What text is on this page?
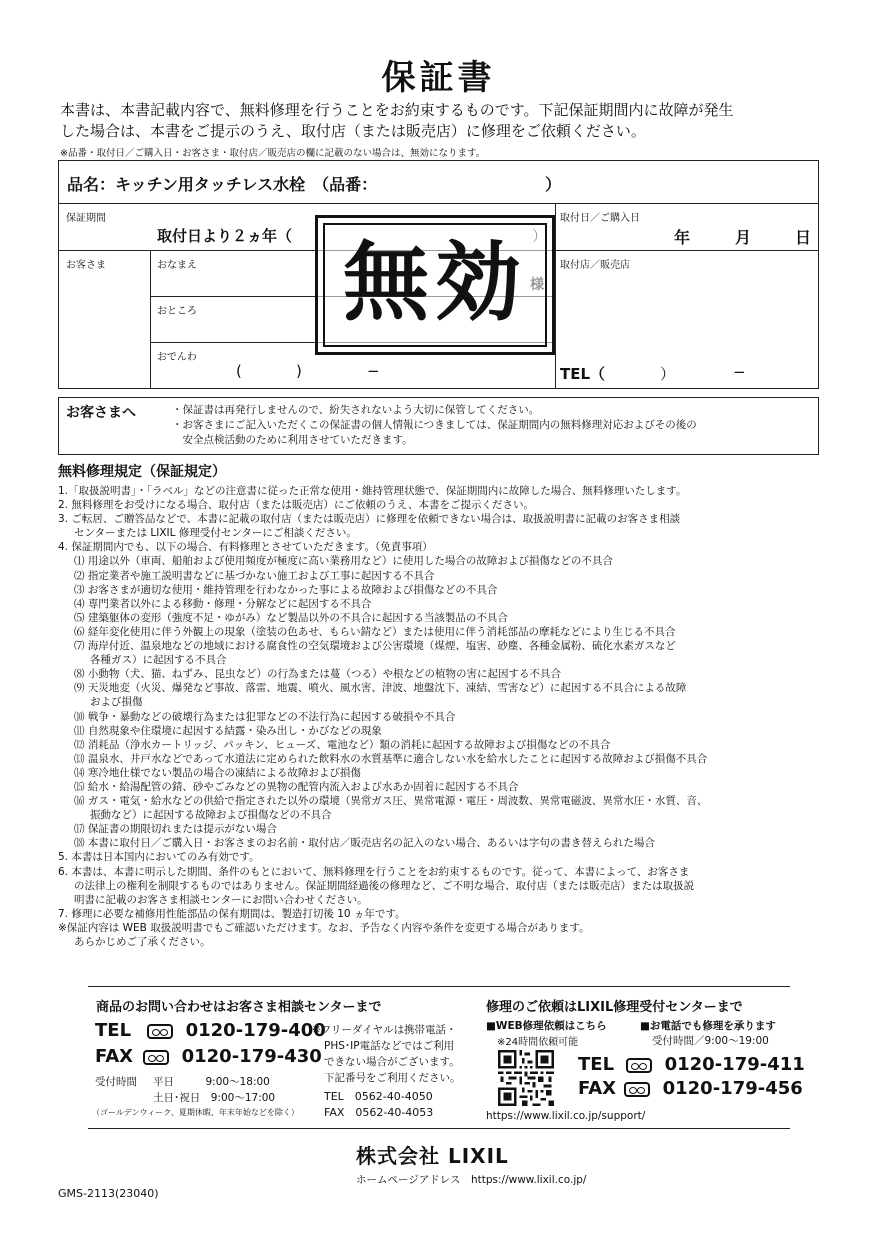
保証書
本書は、本書記載内容で、無料修理を行うことをお約束するものです。下記保証期間内に故障が発生
した場合は、本書をご提示のうえ、取付店（または販売店）に修理をご依頼ください。
※品番・取付日／ご購入日・お客さま・取付店／販売店の欄に記載のない場合は、無効になります。
品名：キッチン用タッチレス水栓　（品番：　　　　　　　　　　　）
保証期間
取付日より２ヵ年（
取付日／ご購入日
年	月	日
お客さま	おなまえ
おところ
おでんわ
(	)	−
取付店／販売店
TEL（	）	−
無効
お客さまへ	・保証書は再発行しませんので、紛失されないよう大切に保管してください。
・お客さまにご記入いただくこの保証書の個人情報につきましては、保証期間内の無料修理対応およびその後の
　安全点検活動のために利用させていただきます。
無料修理規定（保証規定）
1.「取扱説明書」・「ラベル」などの注意書に従った正常な使用・維持管理状態で、保証期間内に故障した場合、無料修理いたします。
2. 無料修理をお受けになる場合、取付店（または販売店）にご依頼のうえ、本書をご提示ください。
3. ご転居、ご贈答品などで、本書に記載の取付店（または販売店）に修理を依頼できない場合は、取扱説明書に記載のお客さま相談
センターまたは LIXIL 修理受付センターにご相談ください。
4. 保証期間内でも、以下の場合、有料修理とさせていただきます。（免責事項）
⑴ 用途以外（車両、船舶および使用頻度が極度に高い業務用など）に使用した場合の故障および損傷などの不具合
⑵ 指定業者や施工説明書などに基づかない施工および工事に起因する不具合
⑶ お客さまが適切な使用・維持管理を行わなかった事による故障および損傷などの不具合
⑷ 専門業者以外による移動・修理・分解などに起因する不具合
⑸ 建築躯体の変形（強度不足・ゆがみ）など製品以外の不具合に起因する当該製品の不具合
⑹ 経年変化使用に伴う外観上の現象（塗装の色あせ、もらい錆など）または使用に伴う消耗部品の摩耗などにより生じる不具合
⑺ 海岸付近、温泉地などの地域における腐食性の空気環境および公害環境（煤煙、塩害、砂塵、各種金属粉、硫化水素ガスなど
各種ガス）に起因する不具合
⑻ 小動物（犬、猫、ねずみ、昆虫など）の行為または蔓（つる）や根などの植物の害に起因する不具合
⑼ 天災地変（火災、爆発など事故、落雷、地震、噴火、風水害、津波、地盤沈下、凍結、雪害など）に起因する不具合による故障
および損傷
⑽ 戦争・暴動などの破壊行為または犯罪などの不法行為に起因する破損や不具合
⑾ 自然現象や住環境に起因する結露・染み出し・かびなどの現象
⑿ 消耗品（浄水カートリッジ、パッキン、ヒューズ、電池など）類の消耗に起因する故障および損傷などの不具合
⒀ 温泉水、井戸水などであって水道法に定められた飲料水の水質基準に適合しない水を給水したことに起因する故障および損傷不具合
⒁ 寒冷地仕様でない製品の場合の凍結による故障および損傷
⒂ 給水・給湯配管の錆、砂やごみなどの異物の配管内流入および水あか固着に起因する不具合
⒃ ガス・電気・給水などの供給で指定された以外の環境（異常ガス圧、異常電源・電圧・周波数、異常電磁波、異常水圧・水質、音、
振動など）に起因する故障および損傷などの不具合
⒄ 保証書の期限切れまたは提示がない場合
⒅ 本書に取付日／ご購入日・お客さまのお名前・取付店／販売店名の記入のない場合、あるいは字句の書き替えられた場合
5. 本書は日本国内においてのみ有効です。
6. 本書は、本書に明示した期間、条件のもとにおいて、無料修理を行うことをお約束するものです。従って、本書によって、お客さま
の法律上の権利を制限するものではありません。保証期間経過後の修理など、ご不明な場合、取付店（または販売店）または取扱説
明書に記載のお客さま相談センターにお問い合わせください。
7. 修理に必要な補修用性能部品の保有期間は、製造打切後 10 ヵ年です。
※保証内容は WEB 取扱説明書でもご確認いただけます。なお、予告なく内容や条件を変更する場合があります。
あらかじめご了承ください。
商品のお問い合わせはお客さま相談センターまで
TEL	0120-179-400
FAX	0120-179-430
※フリーダイヤルは携帯電話・
PHS･IP電話などではご利用
できない場合がございます。
下記番号をご利用ください。
TEL　0562-40-4050
FAX　0562-40-4053
受付時間 平日　　　9:00〜18:00
土日･祝日　9:00〜17:00
（ゴールデンウィーク、夏期休暇、年末年始などを除く）
修理のご依頼はLIXIL修理受付センターまで
■WEB修理依頼はこちら
※24時間依頼可能
■お電話でも修理を承ります
受付時間／9:00〜19:00
TEL	0120-179-411
FAX	0120-179-456
https://www.lixil.co.jp/support/
株式会社 LIXIL
ホームページアドレス　https://www.lixil.co.jp/
GMS-2113(23040)
